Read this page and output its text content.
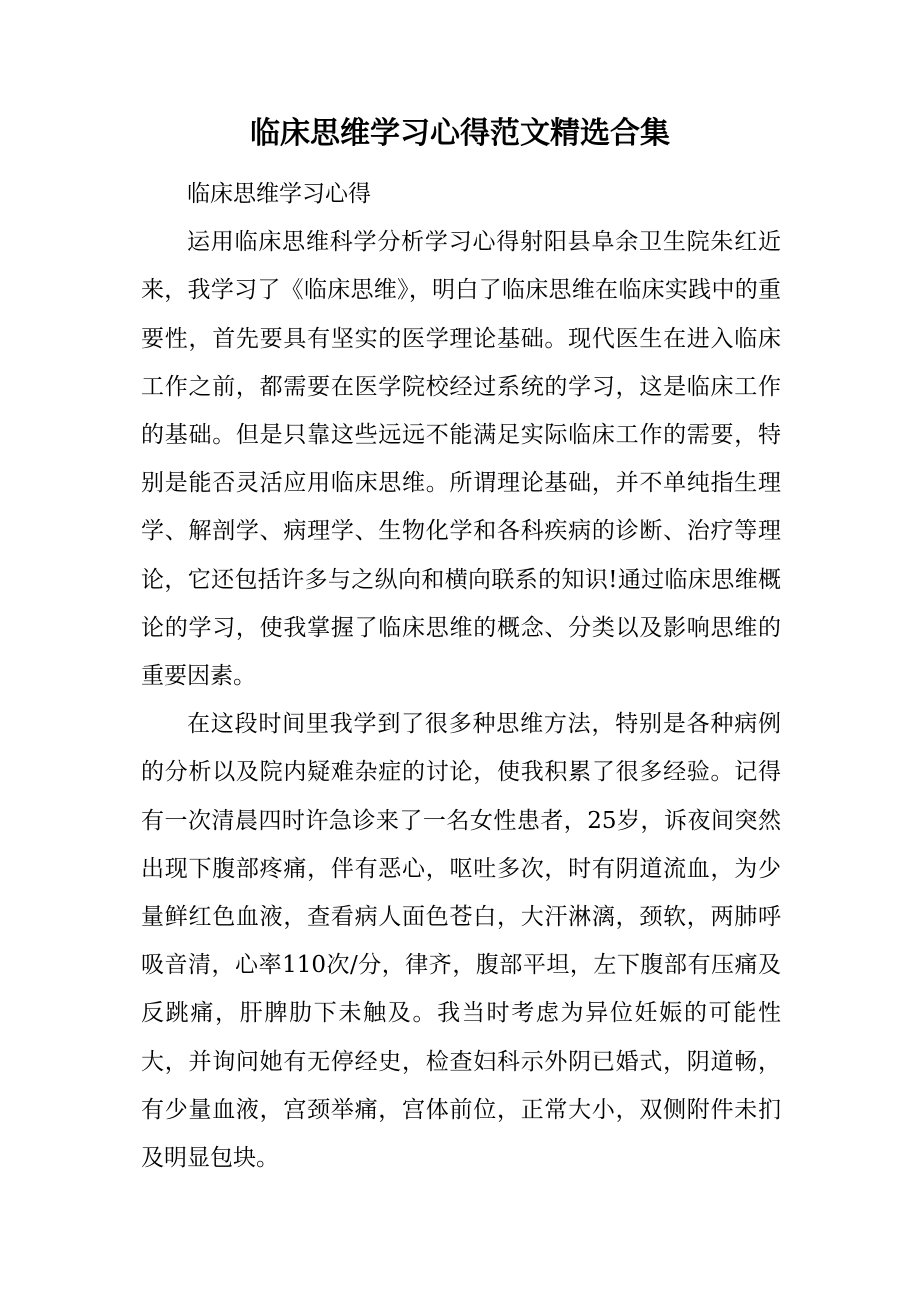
临床思维学习心得范文精选合集

临床思维学习心得

运用临床思维科学分析学习心得射阳县阜余卫生院朱红近来，我学习了《临床思维》，明白了临床思维在临床实践中的重要性，首先要具有坚实的医学理论基础。现代医生在进入临床工作之前，都需要在医学院校经过系统的学习，这是临床工作的基础。但是只靠这些远远不能满足实际临床工作的需要，特别是能否灵活应用临床思维。所谓理论基础，并不单纯指生理学、解剖学、病理学、生物化学和各科疾病的诊断、治疗等理论，它还包括许多与之纵向和横向联系的知识!通过临床思维概论的学习，使我掌握了临床思维的概念、分类以及影响思维的重要因素。

在这段时间里我学到了很多种思维方法，特别是各种病例的分析以及院内疑难杂症的讨论，使我积累了很多经验。记得有一次清晨四时许急诊来了一名女性患者，25岁，诉夜间突然出现下腹部疼痛，伴有恶心，呕吐多次，时有阴道流血，为少量鲜红色血液，查看病人面色苍白，大汗淋漓，颈软，两肺呼吸音清，心率110次/分，律齐，腹部平坦，左下腹部有压痛及反跳痛，肝脾肋下未触及。我当时考虑为异位妊娠的可能性大，并询问她有无停经史，检查妇科示外阴已婚式，阴道畅，有少量血液，宫颈举痛，宫体前位，正常大小，双侧附件未扪及明显包块。
